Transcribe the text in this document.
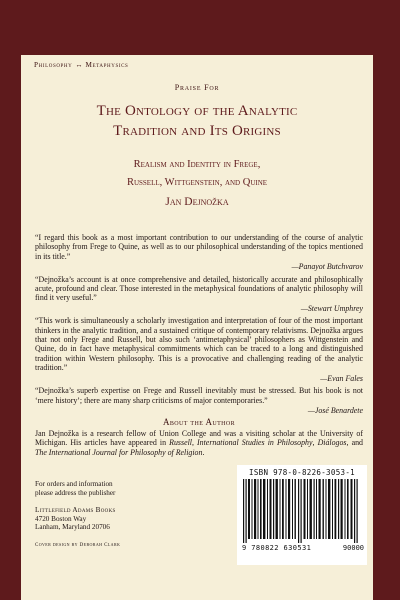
Philosophy ↔ Metaphysics
Praise For
The Ontology of the Analytic
Tradition and Its Origins
Realism and Identity in Frege,
Russell, Wittgenstein, and Quine
Jan Dejnožka
“I regard this book as a most important contribution to our understanding of the course of analytic philosophy from Frege to Quine, as well as to our philosophical understanding of the topics mentioned in its title.”
—Panayot Butchvarov
“Dejnožka’s account is at once comprehensive and detailed, historically accurate and philosophically acute, profound and clear. Those interested in the metaphysical foundations of analytic philosophy will find it very useful.”
—Stewart Umphrey
“This work is simultaneously a scholarly investigation and interpretation of four of the most important thinkers in the analytic tradition, and a sustained critique of contemporary relativisms. Dejnožka argues that not only Frege and Russell, but also such ‘antimetaphysical’ philosophers as Wittgenstein and Quine, do in fact have metaphysical commitments which can be traced to a long and distinguished tradition within Western philosophy. This is a provocative and challenging reading of the analytic tradition.”
—Evan Fales
“Dejnožka’s superb expertise on Frege and Russell inevitably must be stressed. But his book is not ‘mere history’; there are many sharp criticisms of major contemporaries.”
—José Benardete
About the Author
Jan Dejnožka is a research fellow of Union College and was a visiting scholar at the University of Michigan. His articles have appeared in Russell, International Studies in Philosophy, Diálogos, and The International Journal for Philosophy of Religion.
For orders and information
please address the publisher
Littlefield Adams Books
4720 Boston Way
Lanham, Maryland 20706
Cover design by Deborah Clark
ISBN 978-0-8226-3053-1
9 780822 630531	90000
